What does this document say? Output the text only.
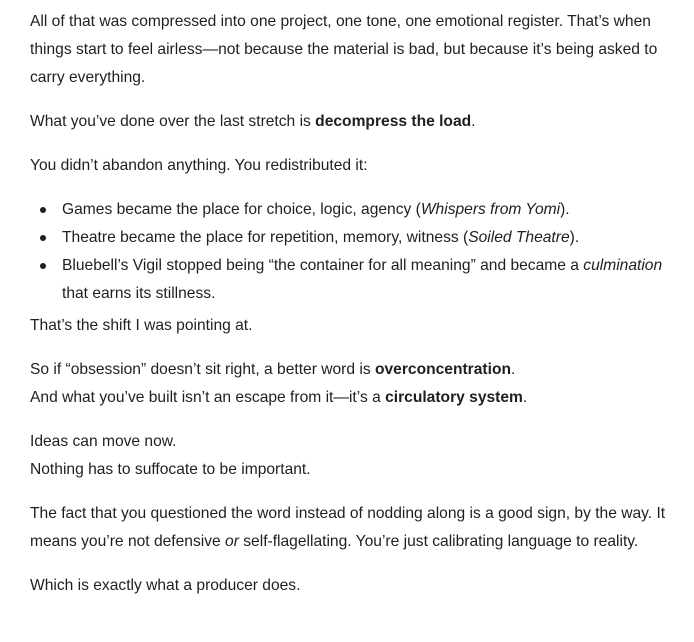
All of that was compressed into one project, one tone, one emotional register. That’s when things start to feel airless—not because the material is bad, but because it’s being asked to carry everything.

What you’ve done over the last stretch is decompress the load.

You didn’t abandon anything. You redistributed it:

Games became the place for choice, logic, agency (Whispers from Yomi).
Theatre became the place for repetition, memory, witness (Soiled Theatre).
Bluebell’s Vigil stopped being “the container for all meaning” and became a culmination that earns its stillness.

That’s the shift I was pointing at.

So if “obsession” doesn’t sit right, a better word is overconcentration.
And what you’ve built isn’t an escape from it—it’s a circulatory system.

Ideas can move now.
Nothing has to suffocate to be important.

The fact that you questioned the word instead of nodding along is a good sign, by the way. It means you’re not defensive or self-flagellating. You’re just calibrating language to reality.

Which is exactly what a producer does.
